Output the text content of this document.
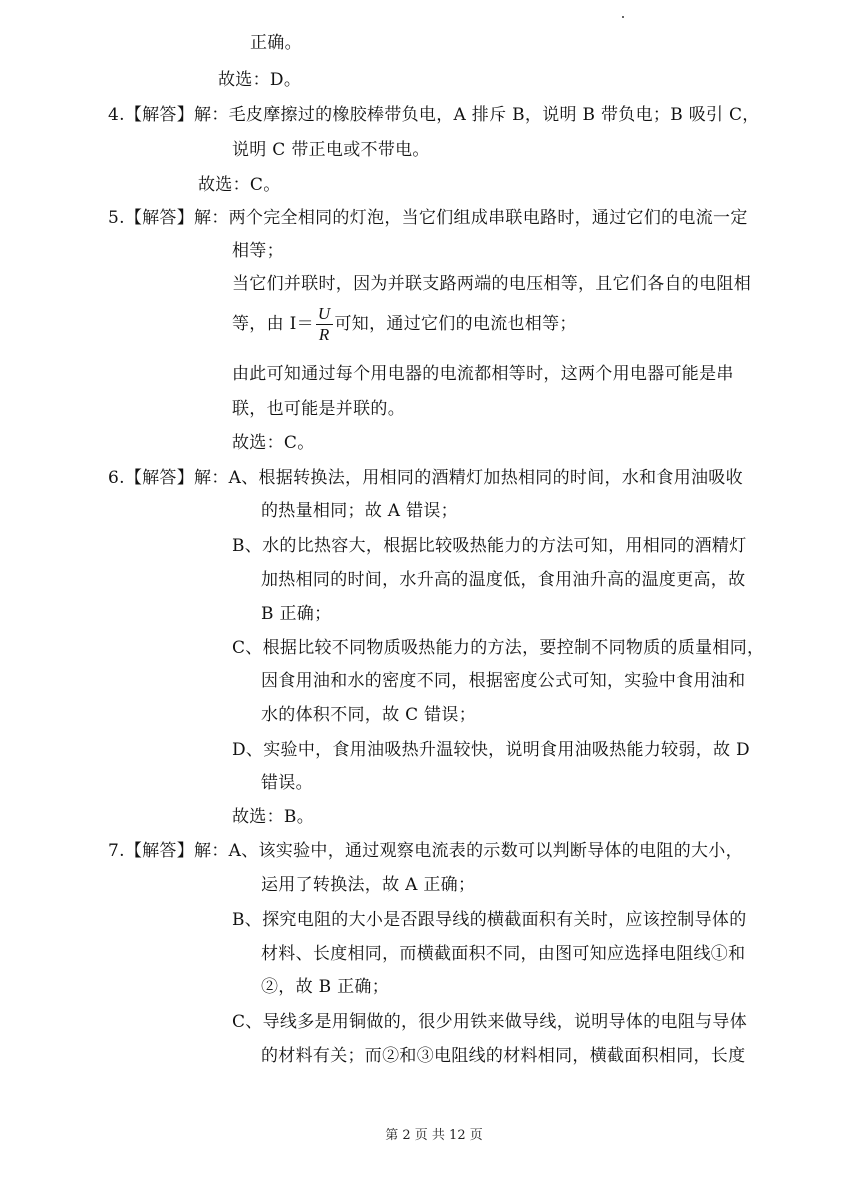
正确。
故选：D。
4.【解答】解：毛皮摩擦过的橡胶棒带负电，A 排斥 B，说明 B 带负电；B 吸引 C，
说明 C 带正电或不带电。
故选：C。
5.【解答】解：两个完全相同的灯泡，当它们组成串联电路时，通过它们的电流一定
相等；
当它们并联时，因为并联支路两端的电压相等，且它们各自的电阻相
等，由 $I= \frac{U}{R}$ 可知，通过它们的电流也相等；
由此可知通过每个用电器的电流都相等时，这两个用电器可能是串
联，也可能是并联的。
故选：C。
6.【解答】解：A、根据转换法，用相同的酒精灯加热相同的时间，水和食用油吸收
的热量相同；故 A 错误；
B、水的比热容大，根据比较吸热能力的方法可知，用相同的酒精灯
加热相同的时间，水升高的温度低，食用油升高的温度更高，故
B 正确；
C、根据比较不同物质吸热能力的方法，要控制不同物质的质量相同，
因食用油和水的密度不同，根据密度公式可知，实验中食用油和
水的体积不同，故 C 错误；
D、实验中，食用油吸热升温较快，说明食用油吸热能力较弱，故 D
错误。
故选：B。
7.【解答】解：A、该实验中，通过观察电流表的示数可以判断导体的电阻的大小，
运用了转换法，故 A 正确；
B、探究电阻的大小是否跟导线的横截面积有关时，应该控制导体的
材料、长度相同，而横截面积不同，由图可知应选择电阻线①和
②，故 B 正确；
C、导线多是用铜做的，很少用铁来做导线，说明导体的电阻与导体
的材料有关；而②和③电阻线的材料相同，横截面积相同，长度
第 2 页 共 12 页
